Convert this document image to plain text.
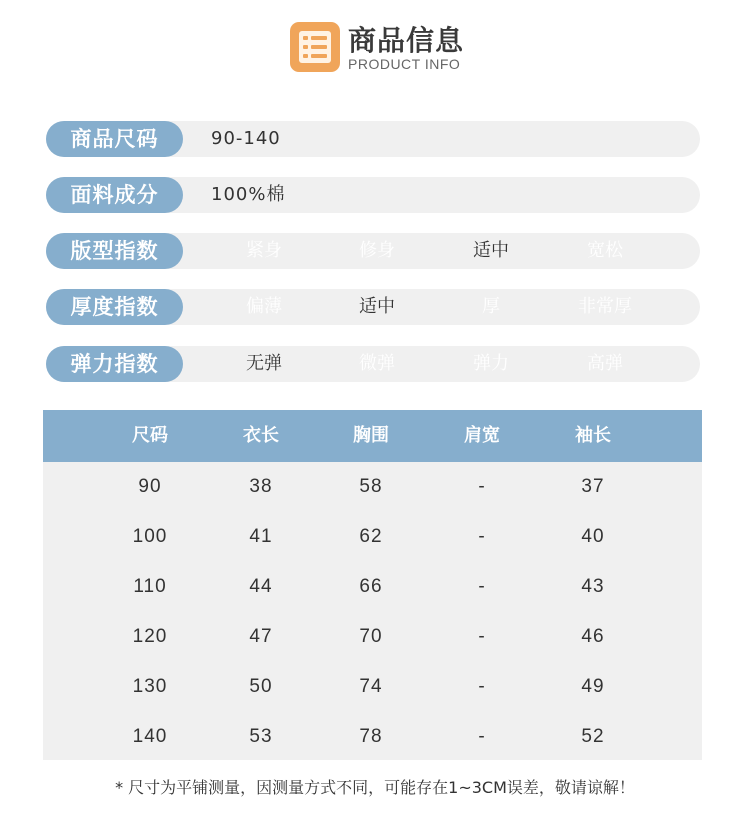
商品信息
PRODUCT INFO
商品尺码	90-140
面料成分	100%棉
版型指数	紧身	修身	适中	宽松
厚度指数	偏薄	适中	厚	非常厚
弹力指数	无弹	微弹	弹力	高弹
尺码	衣长	胸围	肩宽	袖长
90	38	58	-	37
100	41	62	-	40
110	44	66	-	43
120	47	70	-	46
130	50	74	-	49
140	53	78	-	52
* 尺寸为平铺测量，因测量方式不同，可能存在1~3CM误差，敬请谅解！
